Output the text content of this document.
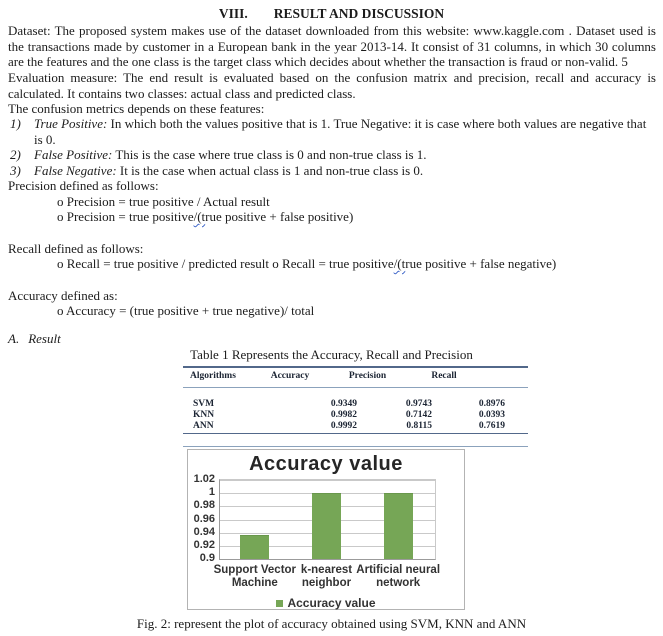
VIII. RESULT AND DISCUSSION
Dataset: The proposed system makes use of the dataset downloaded from this website: www.kaggle.com . Dataset used is the transactions made by customer in a European bank in the year 2013-14. It consist of 31 columns, in which 30 columns are the features and the one class is the target class which decides about whether the transaction is fraud or non-valid. 5
Evaluation measure: The end result is evaluated based on the confusion matrix and precision, recall and accuracy is calculated. It contains two classes: actual class and predicted class.
The confusion metrics depends on these features:
1)	True Positive: In which both the values positive that is 1. True Negative: it is case where both values are negative that is 0.
2)	False Positive: This is the case where true class is 0 and non-true class is 1.
3)	False Negative: It is the case when actual class is 1 and non-true class is 0.
Precision defined as follows:
o Precision = true positive / Actual result
o Precision = true positive/(true positive + false positive)
Recall defined as follows:
o Recall = true positive / predicted result o Recall = true positive/(true positive + false negative)
Accuracy defined as:
o Accuracy = (true positive + true negative)/ total
A. Result
Table 1 Represents the Accuracy, Recall and Precision
Algorithms	Accuracy	Precision	Recall
SVM	0.9349	0.9743	0.8976
KNN	0.9982	0.7142	0.0393
ANN	0.9992	0.8115	0.7619
Accuracy value
Accuracy value
0.9
0.92
0.94
0.96
0.98
1
1.02
Support Vector Machine
k-nearest neighbor
Artificial neural network
Fig. 2: represent the plot of accuracy obtained using SVM, KNN and ANN
